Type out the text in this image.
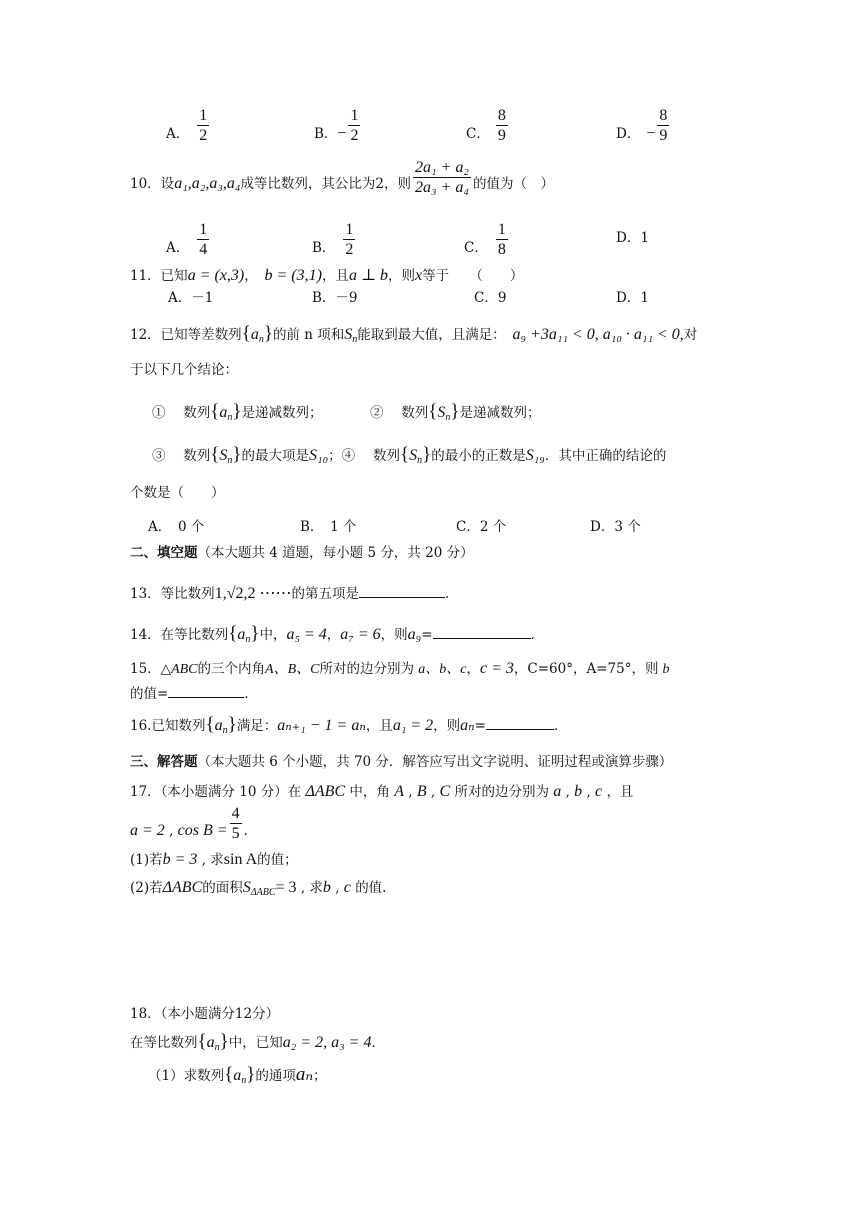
A． $\frac{1}{2}$	B．− $\frac{1}{2}$	C． $\frac{8}{9}$	D． − $\frac{8}{9}$
10．设a₁,a₂,a₃,a₄成等比数列，其公比为2，则 $\frac{\text{2a₁ + a₂}}{\text{2a₃ + a₄}}$ 的值为（　）
A． $\frac{1}{4}$	B． $\frac{1}{2}$	C． $\frac{1}{8}$	D．1
11．已知a = (x,3)，　 b = (3,1)，且a ⊥ b，则x等于　　（　　）
A．－1	B．－9	C．9	D．1
12．已知等差数列$\{a_n\}$的前 n 项和$S_n$能取到最大值，且满足：　 a₉ +3a₁₁ < 0, a₁₀ · a₁₁ < 0,对
于以下几个结论：
①　 数列$\{a_n\}$是递减数列；	②　 数列$\{S_n\}$是递减数列；
③　 数列$\{S_n\}$的最大项是S₁₀；④　 数列$\{S_n\}$的最小的正数是S₁₉．其中正确的结论的
个数是（　　）
A．　0 个	B．　1 个	C．2 个	D．3 个
二、填空题（本大题共 4 道题，每小题 5 分，共 20 分）
13．等比数列1,√2,2 ⋯⋯的第五项是	．
14．在等比数列$\{a_n\}$中，a₅ = 4，a₇ = 6，则a₉=	．
15．△ABC的三个内角A、B、C所对的边分别为 a、b、c，c = 3，C=60°，A=75°，则 b
的值=	．
16.已知数列$\{a_n\}$满足：aₙ₊₁ − 1 = aₙ，且a₁ = 2，则aₙ=	．
三、解答题（本大题共 6 个小题，共 70 分．解答应写出文字说明、证明过程或演算步骤）
17．（本小题满分 10 分）在 ΔABC 中，角 A , B , C 所对的边分别为 a , b , c ，且
a = 2 , $\cos B = \frac{4}{5}$ .
(1)若b = 3 , 求sin A的值；
(2)若ΔABC的面积$S_{\Delta ABC}= 3$ , 求b , c 的值.
18．（本小题满分12分）
在等比数列$\{a_n\}$中，已知a₂ = 2, a₃ = 4．
（1）求数列$\{a_n\}$的通项aₙ；
